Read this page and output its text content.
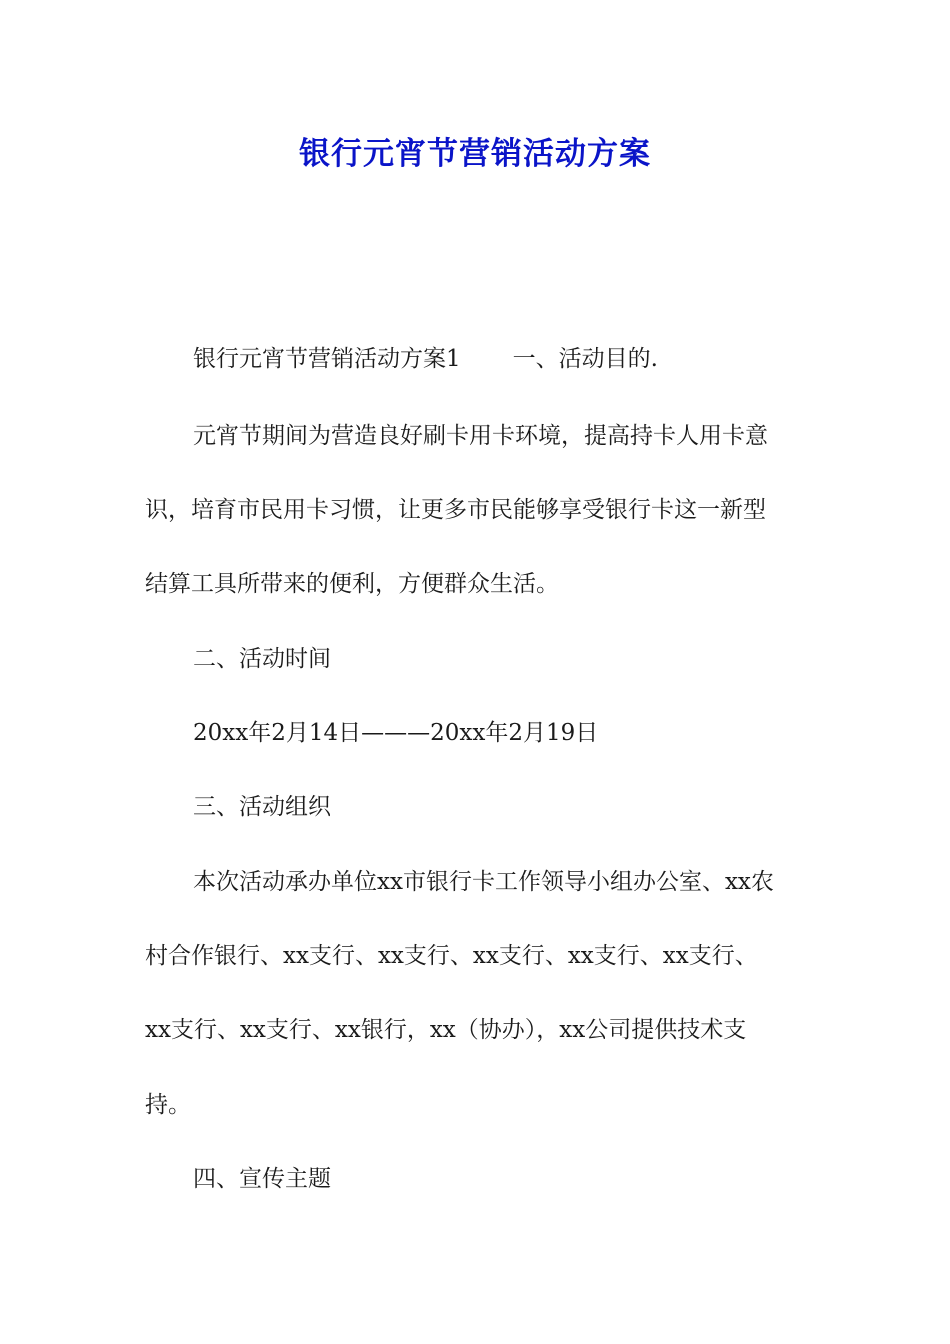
银行元宵节营销活动方案
银行元宵节营销活动方案1 一、活动目的.
元宵节期间为营造良好刷卡用卡环境，提高持卡人用卡意
识，培育市民用卡习惯，让更多市民能够享受银行卡这一新型
结算工具所带来的便利，方便群众生活。
二、活动时间
20xx年2月14日———20xx年2月19日
三、活动组织
本次活动承办单位xx市银行卡工作领导小组办公室、xx农
村合作银行、xx支行、xx支行、xx支行、xx支行、xx支行、
xx支行、xx支行、xx银行，xx（协办），xx公司提供技术支
持。
四、宣传主题
